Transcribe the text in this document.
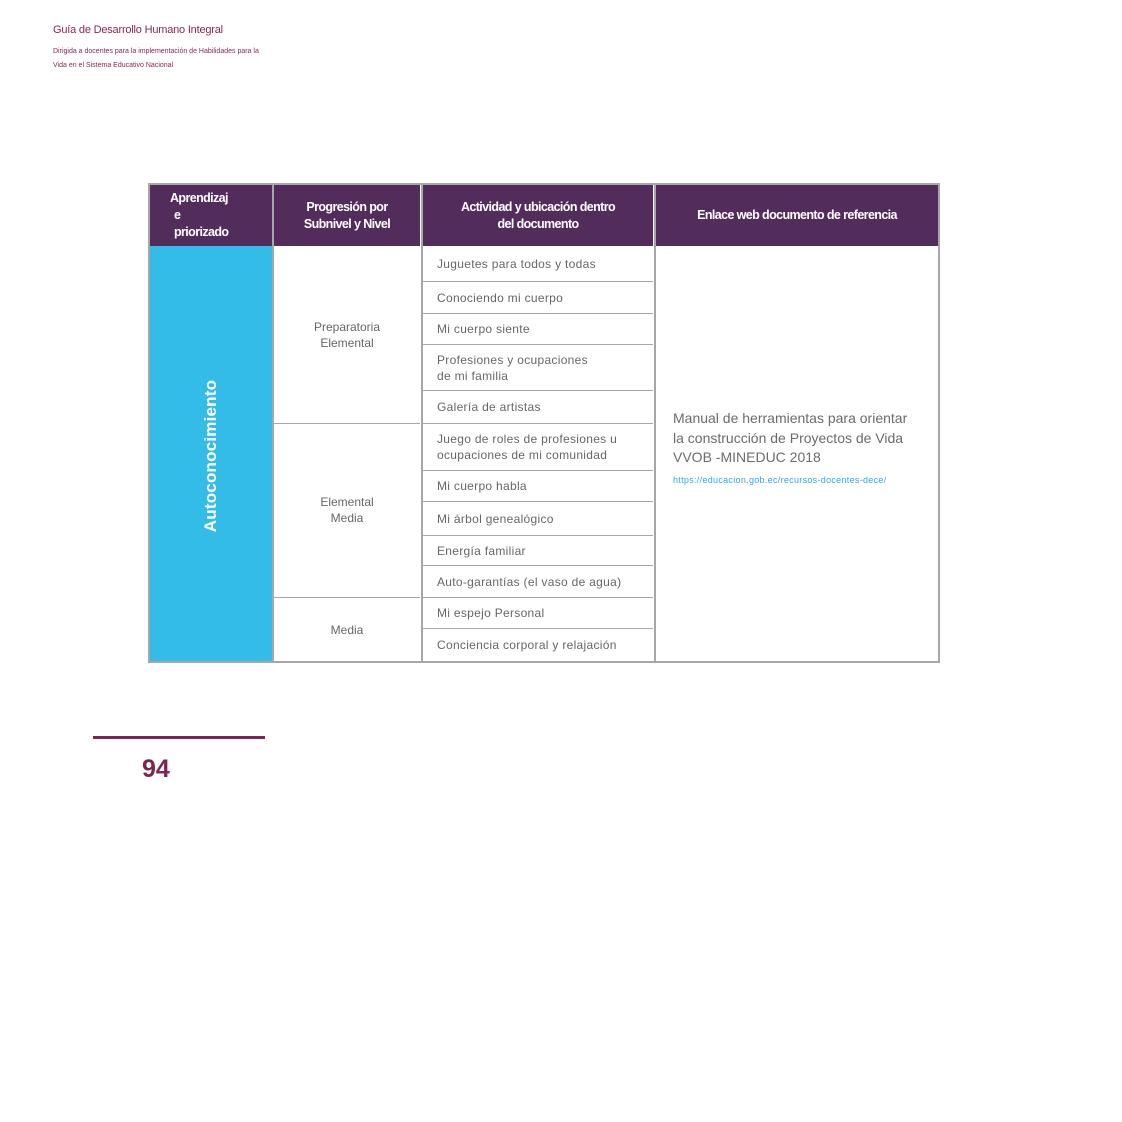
Guía de Desarrollo Humano Integral
Dirigida a docentes para la implementación de Habilidades para la
Vida en el Sistema Educativo Nacional
Aprendizaj
e
priorizado
Progresión por
Subnivel y Nivel
Actividad y ubicación dentro
del documento
Enlace web documento de referencia
Autoconocimiento
Preparatoria
Elemental
Elemental
Media
Media
Juguetes para todos y todas
Conociendo mi cuerpo
Mi cuerpo siente
Profesiones y ocupaciones
de mi familia
Galería de artistas
Juego de roles de profesiones u
ocupaciones de mi comunidad
Mi cuerpo habla
Mi árbol genealógico
Energía familiar
Auto-garantías (el vaso de agua)
Mi espejo Personal
Conciencia corporal y relajación
Manual de herramientas para orientar
la construcción de Proyectos de Vida
VVOB -MINEDUC 2018
https://educacion.gob.ec/recursos-docentes-dece/
94
